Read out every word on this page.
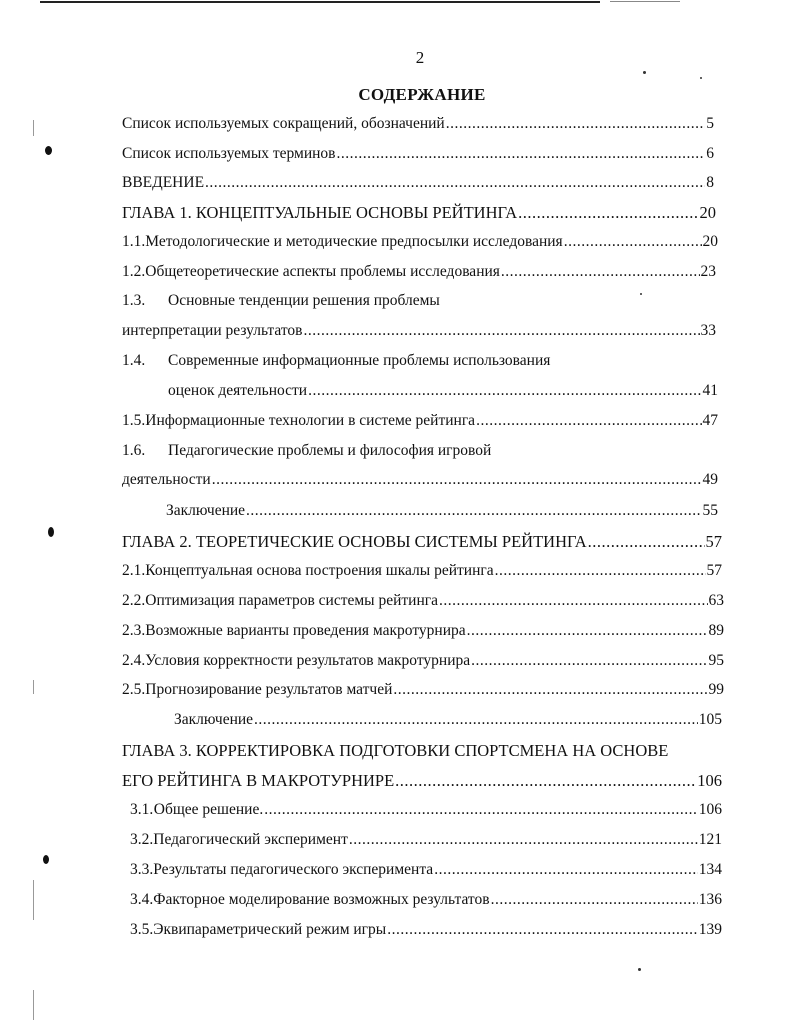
2
СОДЕРЖАНИЕ
Список используемых сокращений, обозначений .....	5
Список используемых терминов .....	6
ВВЕДЕНИЕ .....	8
ГЛАВА 1. КОНЦЕПТУАЛЬНЫЕ ОСНОВЫ РЕЙТИНГА .....	20
1.1. Методологические и методические предпосылки исследования .....	20
1.2. Общетеоретические аспекты проблемы исследования .....	23
1.3.	Основные тенденции решения проблемы
интерпретации результатов .....	33
1.4.	Современные информационные проблемы использования
оценок деятельности .....	41
1.5. Информационные технологии в системе рейтинга .....	47
1.6.	Педагогические проблемы и философия игровой
деятельности .....	49
Заключение .....	55
ГЛАВА 2. ТЕОРЕТИЧЕСКИЕ ОСНОВЫ СИСТЕМЫ РЕЙТИНГА .....	57
2.1. Концептуальная основа построения шкалы рейтинга .....	57
2.2. Оптимизация параметров системы рейтинга .....	63
2.3. Возможные варианты проведения макротурнира .....	89
2.4. Условия корректности результатов макротурнира .....	95
2.5. Прогнозирование результатов матчей .....	99
Заключение .....	105
ГЛАВА 3. КОРРЕКТИРОВКА ПОДГОТОВКИ СПОРТСМЕНА НА ОСНОВЕ
ЕГО РЕЙТИНГА В МАКРОТУРНИРЕ .....	106
3.1. Общее решение. .....	106
3.2. Педагогический эксперимент .....	121
3.3. Результаты педагогического эксперимента .....	134
3.4. Факторное моделирование возможных результатов .....	136
3.5. Эквипараметрический режим игры .....	139
